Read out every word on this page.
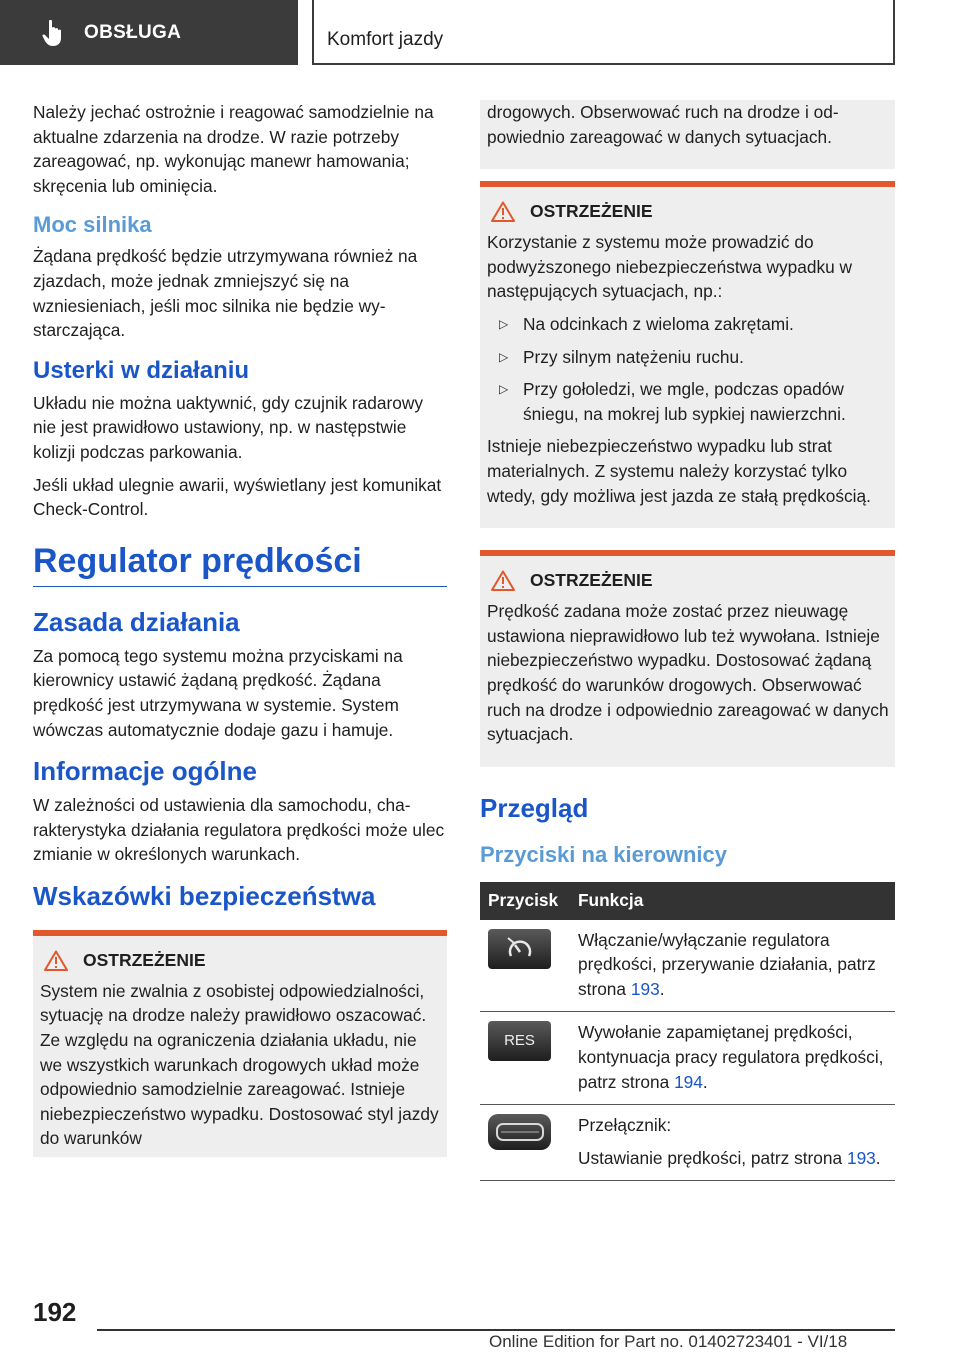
OBSŁUGA	Komfort jazdy

Należy jechać ostrożnie i reagować samodzielnie na aktualne zdarzenia na drodze. W razie potrzeby zareagować, np. wykonując manewr hamowania; skręcenia lub ominięcia.

Moc silnika

Żądana prędkość będzie utrzymywana również na zjazdach, może jednak zmniejszyć się na wzniesieniach, jeśli moc silnika nie będzie wystarczająca.

Usterki w działaniu

Układu nie można uaktywnić, gdy czujnik radarowy nie jest prawidłowo ustawiony, np. w następstwie kolizji podczas parkowania.

Jeśli układ ulegnie awarii, wyświetlany jest komunikat Check-Control.

Regulator prędkości
Zasada działania

Za pomocą tego systemu można przyciskami na kierownicy ustawić żądaną prędkość. Żądana prędkość jest utrzymywana w systemie. System wówczas automatycznie dodaje gazu i hamuje.

Informacje ogólne

W zależności od ustawienia dla samochodu, charakterystyka działania regulatora prędkości może ulec zmianie w określonych warunkach.

Wskazówki bezpieczeństwa
OSTRZEŻENIE

System nie zwalnia z osobistej odpowiedzialności, sytuację na drodze należy prawidłowo oszacować. Ze względu na ograniczenia działania układu, nie we wszystkich warunkach drogowych układ może odpowiednio samodzielnie zareagować. Istnieje niebezpieczeństwo wypadku. Dostosować styl jazdy do warunków

drogowych. Obserwować ruch na drodze i odpowiednio zareagować w danych sytuacjach.

OSTRZEŻENIE

Korzystanie z systemu może prowadzić do podwyższonego niebezpieczeństwa wypadku w następujących sytuacjach, np.:

▷ Na odcinkach z wieloma zakrętami.
▷ Przy silnym natężeniu ruchu.
▷ Przy gołoledzi, we mgle, podczas opadów śniegu, na mokrej lub sypkiej nawierzchni.

Istnieje niebezpieczeństwo wypadku lub strat materialnych. Z systemu należy korzystać tylko wtedy, gdy możliwa jest jazda ze stałą prędkością.

OSTRZEŻENIE

Prędkość zadana może zostać przez nieuwagę ustawiona nieprawidłowo lub też wywołana. Istnieje niebezpieczeństwo wypadku. Dostosować żądaną prędkość do warunków drogowych. Obserwować ruch na drodze i odpowiednio zareagować w danych sytuacjach.

Przegląd
Przyciski na kierownicy
Przycisk	Funkcja

	Włączanie/wyłączanie regulatora prędkości, przerywanie działania, patrz strona 193.

RES	Wywołanie zapamiętanej prędkości, kontynuacja pracy regulatora prędkości, patrz strona 194.

Przełącznik:

Ustawianie prędkości, patrz strona 193.
192
Online Edition for Part no. 01402723401 - VI/18
